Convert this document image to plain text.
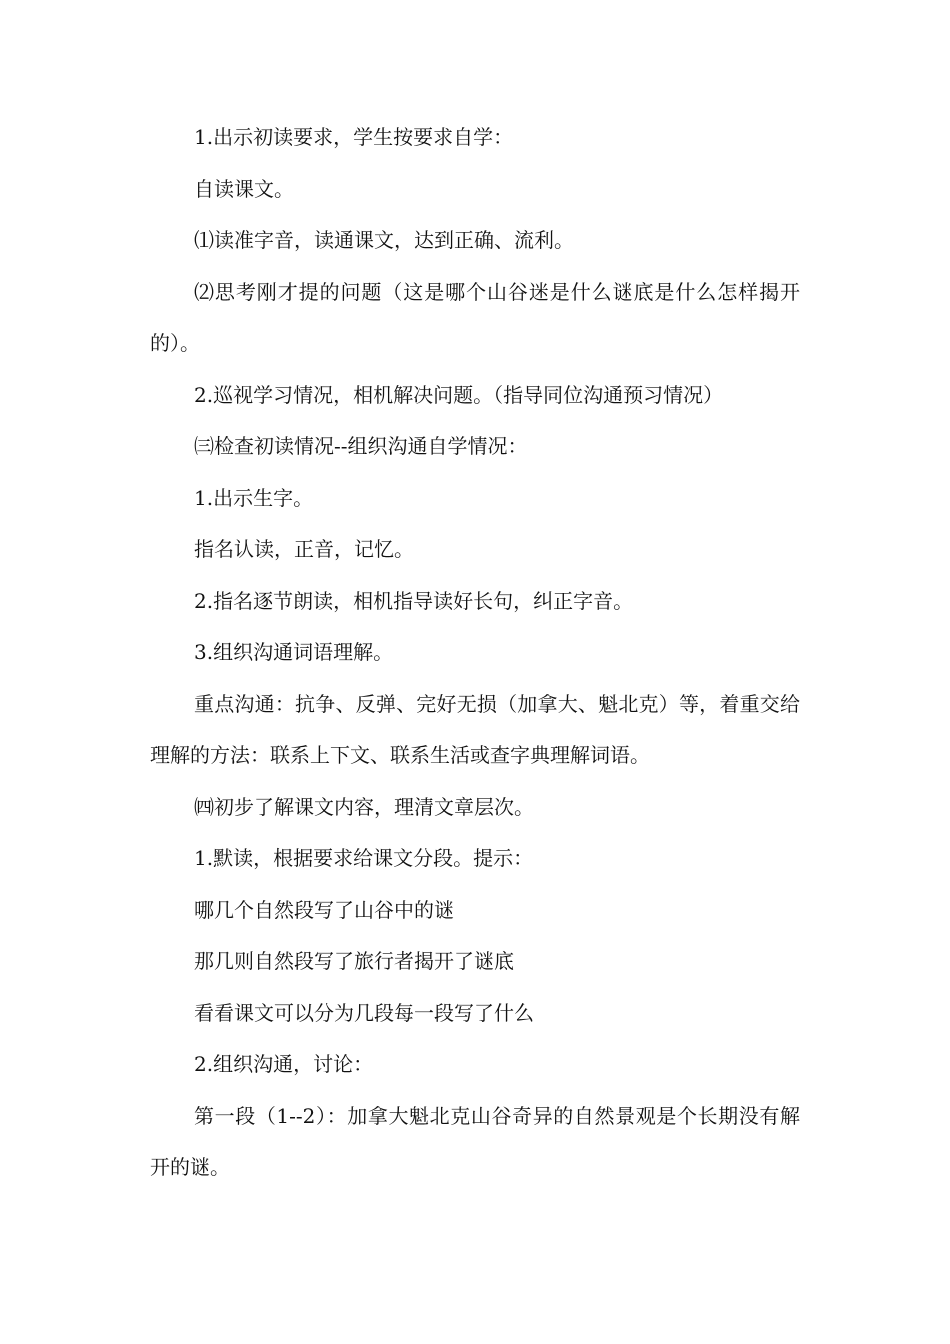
1.出示初读要求，学生按要求自学：

自读课文。

⑴读准字音，读通课文，达到正确、流利。

⑵思考刚才提的问题（这是哪个山谷迷是什么谜底是什么怎样揭开的）。

2.巡视学习情况，相机解决问题。（指导同位沟通预习情况）

㈢检查初读情况--组织沟通自学情况：

1.出示生字。

指名认读，正音，记忆。

2.指名逐节朗读，相机指导读好长句，纠正字音。

3.组织沟通词语理解。

重点沟通：抗争、反弹、完好无损（加拿大、魁北克）等，着重交给理解的方法：联系上下文、联系生活或查字典理解词语。

㈣初步了解课文内容，理清文章层次。

1.默读，根据要求给课文分段。提示：

哪几个自然段写了山谷中的谜

那几则自然段写了旅行者揭开了谜底

看看课文可以分为几段每一段写了什么

2.组织沟通，讨论：

第一段（1--2）：加拿大魁北克山谷奇异的自然景观是个长期没有解开的谜。
